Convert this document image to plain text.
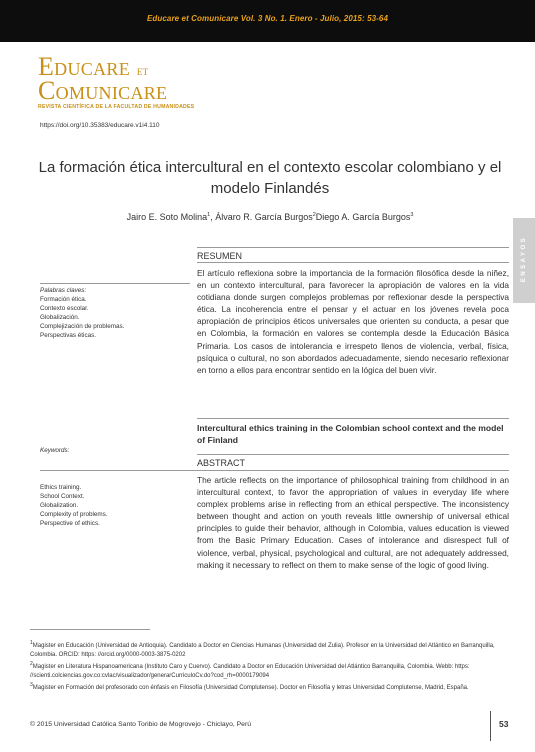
Educare et Comunicare Vol. 3 No. 1. Enero - Julio, 2015: 53-64
Educare et
Comunicare
REVISTA CIENTÍFICA DE LA FACULTAD DE HUMANIDADES
https://doi.org/10.35383/educare.v1i4.110
ENSAYOS
La formación ética intercultural en el contexto escolar colombiano y el modelo Finlandés
Jairo E. Soto Molina$^1$, Álvaro R. García Burgos$^2$Diego A. García Burgos$^3$
RESUMEN
Palabras claves:
Formación ética.
Contexto escolar.
Globalización.
Complejización de problemas.
Perspectivas éticas.
El artículo reflexiona sobre la importancia de la formación filosófica desde la niñez, en un contexto intercultural, para favorecer la apropiación de valores en la vida cotidiana donde surgen complejos problemas por reflexionar desde la perspectiva ética. La incoherencia entre el pensar y el actuar en los jóvenes revela poca apropiación de principios éticos universales que orienten su conducta, a pesar que en Colombia, la formación en valores se contempla desde la Educación Básica Primaria. Los casos de intolerancia e irrespeto llenos de violencia, verbal, física, psíquica o cultural, no son abordados adecuadamente, siendo necesario reflexionar en torno a ellos para encontrar sentido en la lógica del buen vivir.
Intercultural ethics training in the Colombian school context and the model of Finland
ABSTRACT
Keywords:
Ethics training.
School Context.
Globalization.
Complexity of problems.
Perspective of ethics.
The article reflects on the importance of philosophical training from childhood in an intercultural context, to favor the appropriation of values in everyday life where complex problems arise in reflecting from an ethical perspective. The inconsistency between thought and action on youth reveals little ownership of universal ethical principles to guide their behavior, although in Colombia, values education is viewed from the Basic Primary Education. Cases of intolerance and disrespect full of violence, verbal, physical, psychological and cultural, are not adequately addressed, making it necessary to reflect on them to make sense of the logic of good living.

$^1$Magister en Educación (Universidad de Antioquia). Candidato a Doctor en Ciencias Humanas (Universidad del Zulia). Profesor en la Universidad del Atlántico en Barranquilla, Colombia. ORCID: https: //orcid.org/0000-0003-3875-0202

$^2$Magister en Literatura Hispanoamericana (Instituto Caro y Cuervo). Candidato a Doctor en Educación Universidad del Atlántico Barranquilla, Colombia. Webb: https: //scienti.colciencias.gov.co:cvlac/visualizador/generarCurriculoCv.do?cod_rh=0000179094

$^3$Magister en Formación del profesorado con énfasis en Filosofía (Universidad Complutense). Doctor en Filosofía y letras Universidad Complutense, Madrid, España.

© 2015 Universidad Católica Santo Toribio de Mogrovejo - Chiclayo, Perú	53
